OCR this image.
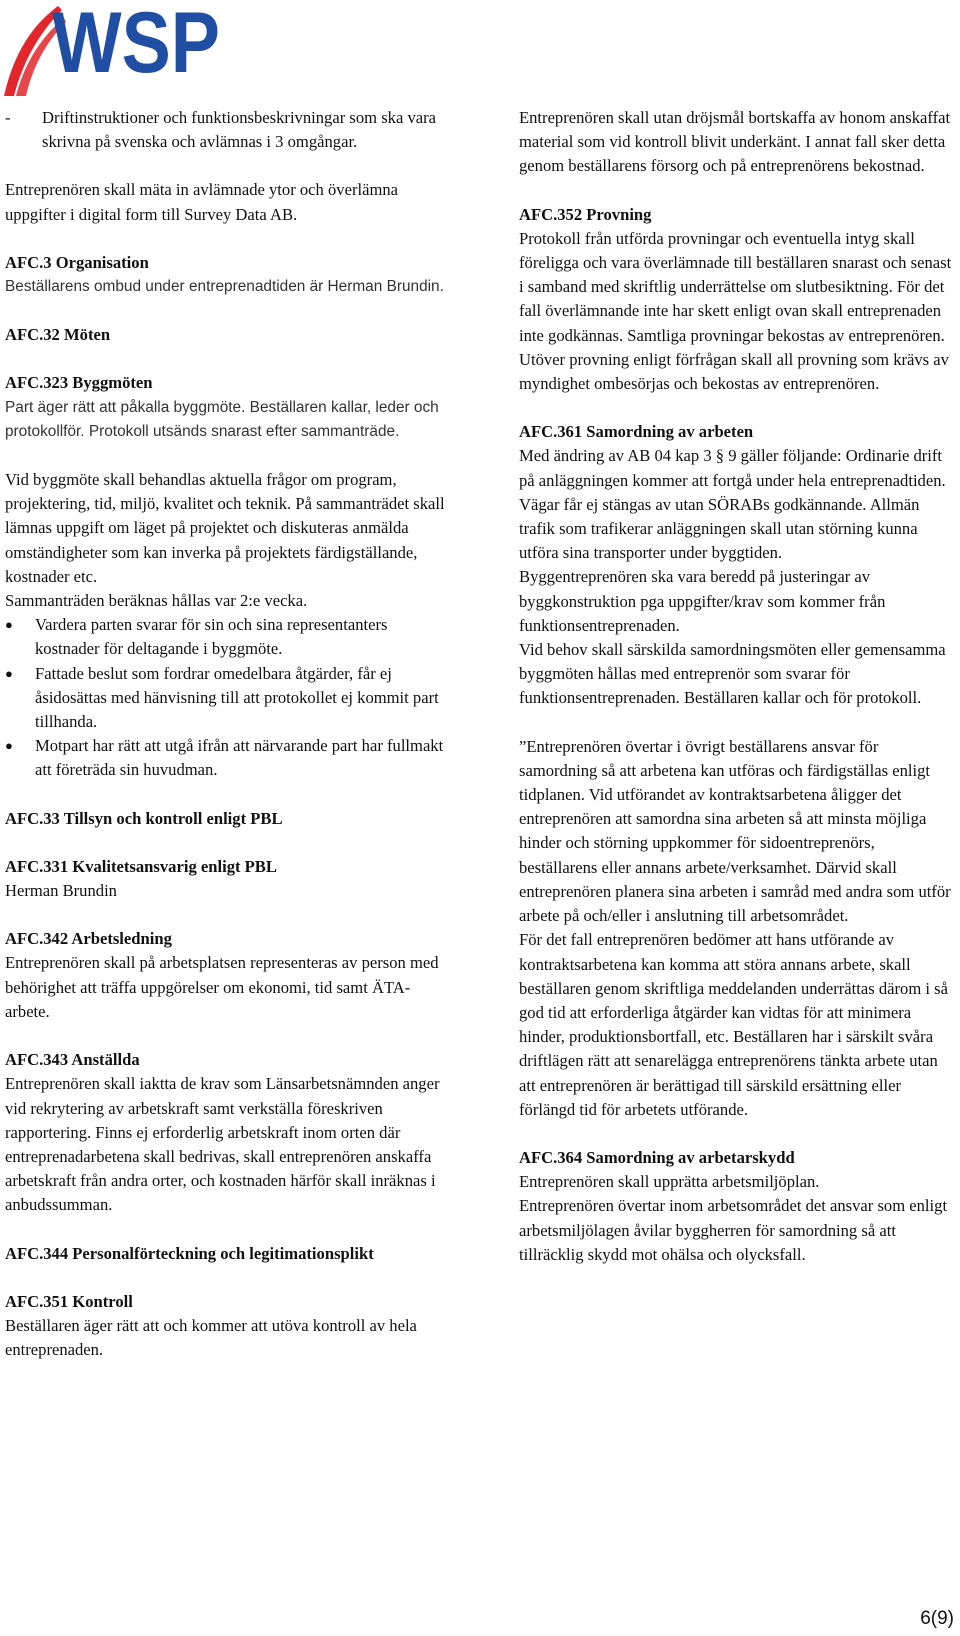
WSP
-	Driftinstruktioner och funktionsbeskrivningar som ska vara skrivna på svenska och avlämnas i 3 omgångar.

Entreprenören skall mäta in avlämnade ytor och överlämna uppgifter i digital form till Survey Data AB.

AFC.3 Organisation

Beställarens ombud under entreprenadtiden är Herman Brundin.

AFC.32 Möten

AFC.323 Byggmöten

Part äger rätt att påkalla byggmöte. Beställaren kallar, leder och protokollför. Protokoll utsänds snarast efter sammanträde.

Vid byggmöte skall behandlas aktuella frågor om program, projektering, tid, miljö, kvalitet och teknik. På sammanträdet skall lämnas uppgift om läget på projektet och diskuteras anmälda omständigheter som kan inverka på projektets färdigställande, kostnader etc.

Sammanträden beräknas hållas var 2:e vecka.

●	Vardera parten svarar för sin och sina representanters kostnader för deltagande i byggmöte.
●	Fattade beslut som fordrar omedelbara åtgärder, får ej åsidosättas med hänvisning till att protokollet ej kommit part tillhanda.
●	Motpart har rätt att utgå ifrån att närvarande part har fullmakt att företräda sin huvudman.

AFC.33 Tillsyn och kontroll enligt PBL

AFC.331 Kvalitetsansvarig enligt PBL

Herman Brundin

AFC.342 Arbetsledning

Entreprenören skall på arbetsplatsen representeras av person med behörighet att träffa uppgörelser om ekonomi, tid samt ÄTA-arbete.

AFC.343 Anställda

Entreprenören skall iaktta de krav som Länsarbetsnämnden anger vid rekrytering av arbetskraft samt verkställa föreskriven rapportering. Finns ej erforderlig arbetskraft inom orten där entreprenadarbetena skall bedrivas, skall entreprenören anskaffa arbetskraft från andra orter, och kostnaden härför skall inräknas i anbudssumman.

AFC.344 Personalförteckning och legitimationsplikt

AFC.351 Kontroll

Beställaren äger rätt att och kommer att utöva kontroll av hela entreprenaden.

Entreprenören skall utan dröjsmål bortskaffa av honom anskaffat material som vid kontroll blivit underkänt. I annat fall sker detta genom beställarens försorg och på entreprenörens bekostnad.

AFC.352 Provning

Protokoll från utförda provningar och eventuella intyg skall föreligga och vara överlämnade till beställaren snarast och senast i samband med skriftlig underrättelse om slutbesiktning. För det fall överlämnande inte har skett enligt ovan skall entreprenaden inte godkännas. Samtliga provningar bekostas av entreprenören.

Utöver provning enligt förfrågan skall all provning som krävs av myndighet ombesörjas och bekostas av entreprenören.

AFC.361 Samordning av arbeten

Med ändring av AB 04 kap 3 § 9 gäller följande: Ordinarie drift på anläggningen kommer att fortgå under hela entreprenadtiden.

Vägar får ej stängas av utan SÖRABs godkännande. Allmän trafik som trafikerar anläggningen skall utan störning kunna utföra sina transporter under byggtiden.

Byggentreprenören ska vara beredd på justeringar av byggkonstruktion pga uppgifter/krav som kommer från funktionsentreprenaden.

Vid behov skall särskilda samordningsmöten eller gemensamma byggmöten hållas med entreprenör som svarar för funktionsentreprenaden. Beställaren kallar och för protokoll.

”Entreprenören övertar i övrigt beställarens ansvar för samordning så att arbetena kan utföras och färdigställas enligt tidplanen. Vid utförandet av kontraktsarbetena åligger det entreprenören att samordna sina arbeten så att minsta möjliga hinder och störning uppkommer för sidoentreprenörs, beställarens eller annans arbete/verksamhet. Därvid skall entreprenören planera sina arbeten i samråd med andra som utför arbete på och/eller i anslutning till arbetsområdet.

För det fall entreprenören bedömer att hans utförande av kontraktsarbetena kan komma att störa annans arbete, skall beställaren genom skriftliga meddelanden underrättas därom i så god tid att erforderliga åtgärder kan vidtas för att minimera hinder, produktionsbortfall, etc. Beställaren har i särskilt svåra driftlägen rätt att senarelägga entreprenörens tänkta arbete utan att entreprenören är berättigad till särskild ersättning eller förlängd tid för arbetets utförande.

AFC.364 Samordning av arbetarskydd

Entreprenören skall upprätta arbetsmiljöplan.

Entreprenören övertar inom arbetsområdet det ansvar som enligt arbetsmiljölagen åvilar byggherren för samordning så att tillräcklig skydd mot ohälsa och olycksfall.

6(9)
